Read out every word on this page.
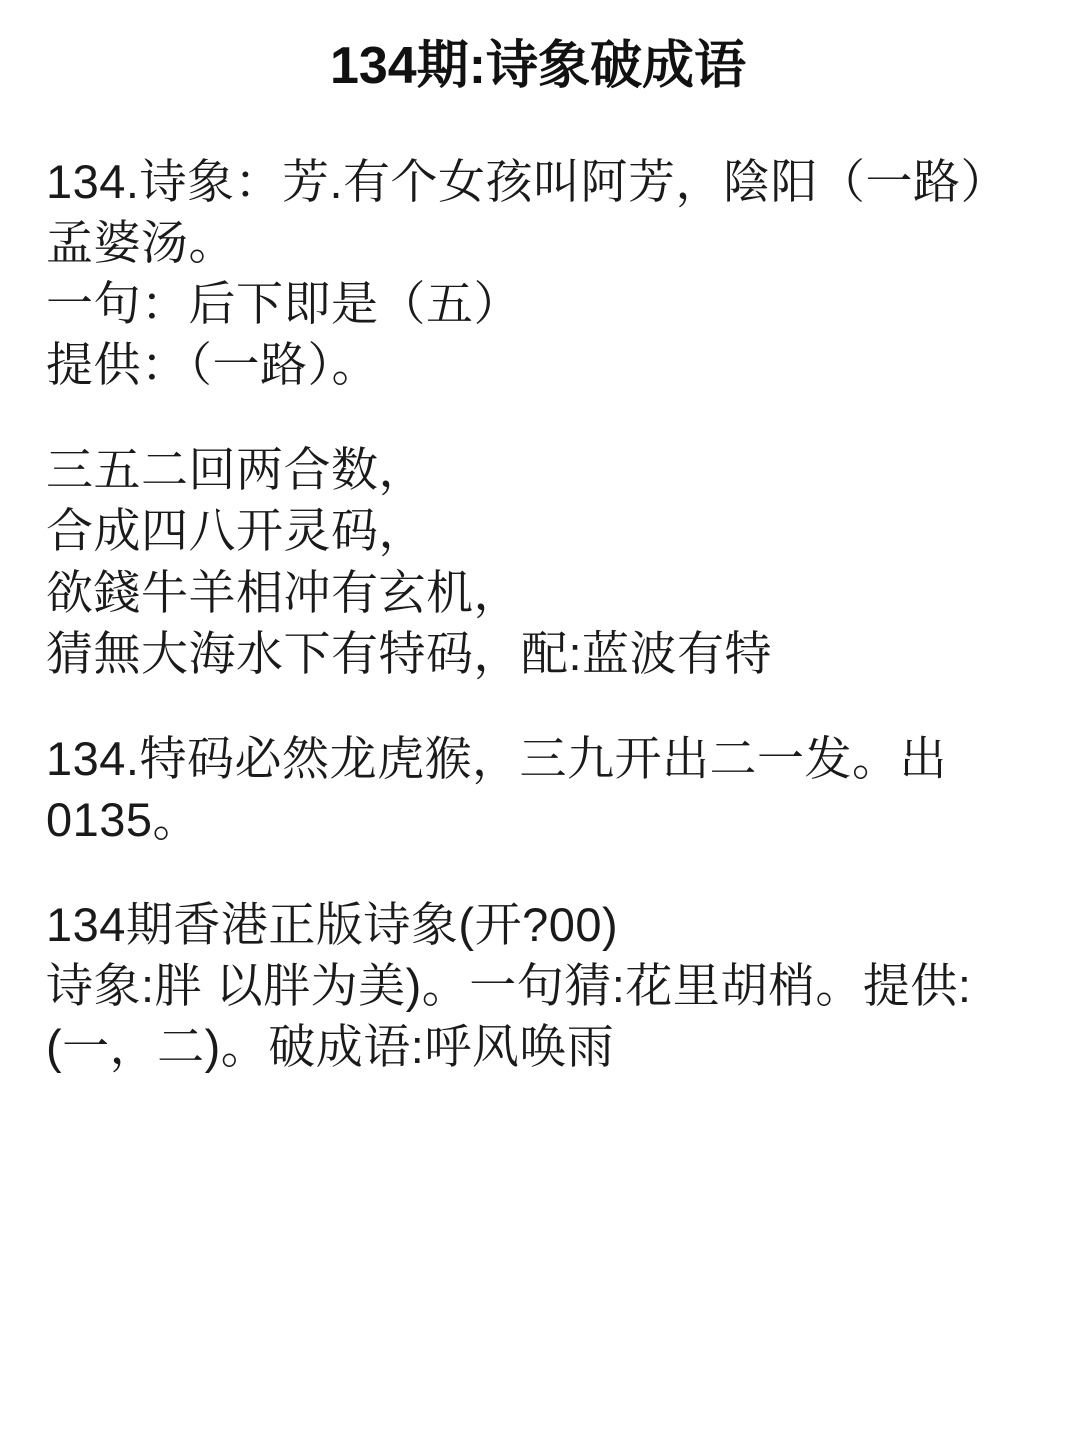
134期:诗象破成语
134.诗象：芳.有个女孩叫阿芳，陰阳（一路）孟婆汤。
一句：后下即是（五）
提供：（一路）。
三五二回两合数，
合成四八开灵码，
欲錢牛羊相冲有玄机，
猜無大海水下有特码，配:蓝波有特
134.特码必然龙虎猴，三九开出二一发。出0135。
134期香港正版诗象(开?00)
诗象:胖 以胖为美)。一句猜:花里胡梢。提供:(一，二)。破成语:呼风唤雨
